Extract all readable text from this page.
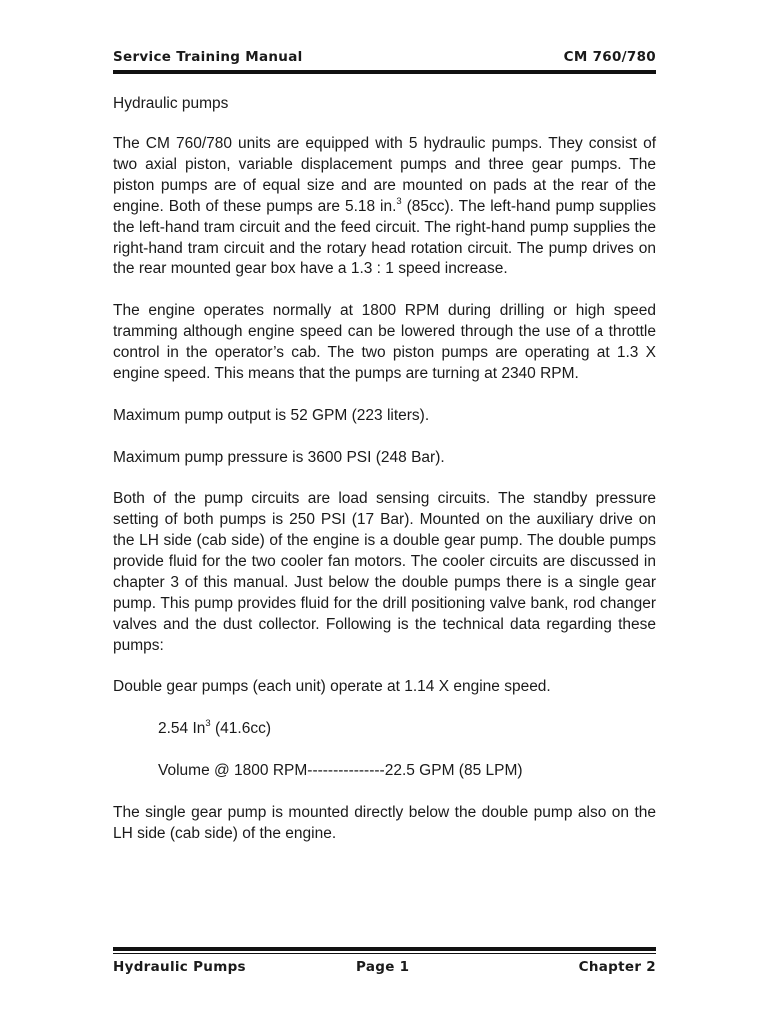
Service Training Manual	CM 760/780
Hydraulic pumps

The CM 760/780 units are equipped with 5 hydraulic pumps. They consist of two axial piston, variable displacement pumps and three gear pumps. The piston pumps are of equal size and are mounted on pads at the rear of the engine. Both of these pumps are 5.18 in.$^3$ (85cc). The left-hand pump supplies the left-hand tram circuit and the feed circuit. The right-hand pump supplies the right-hand tram circuit and the rotary head rotation circuit. The pump drives on the rear mounted gear box have a 1.3 : 1 speed increase.

The engine operates normally at 1800 RPM during drilling or high speed tramming although engine speed can be lowered through the use of a throttle control in the operator’s cab. The two piston pumps are operating at 1.3 X engine speed. This means that the pumps are turning at 2340 RPM.

Maximum pump output is 52 GPM (223 liters).

Maximum pump pressure is 3600 PSI (248 Bar).

Both of the pump circuits are load sensing circuits. The standby pressure setting of both pumps is 250 PSI (17 Bar). Mounted on the auxiliary drive on the LH side (cab side) of the engine is a double gear pump. The double pumps provide fluid for the two cooler fan motors. The cooler circuits are discussed in chapter 3 of this manual. Just below the double pumps there is a single gear pump. This pump provides fluid for the drill positioning valve bank, rod changer valves and the dust collector. Following is the technical data regarding these pumps:

Double gear pumps (each unit) operate at 1.14 X engine speed.

2.54 In$^3$ (41.6cc)

Volume @ 1800 RPM---------------22.5 GPM (85 LPM)

The single gear pump is mounted directly below the double pump also on the LH side (cab side) of the engine.

Hydraulic Pumps	Page 1	Chapter 2
